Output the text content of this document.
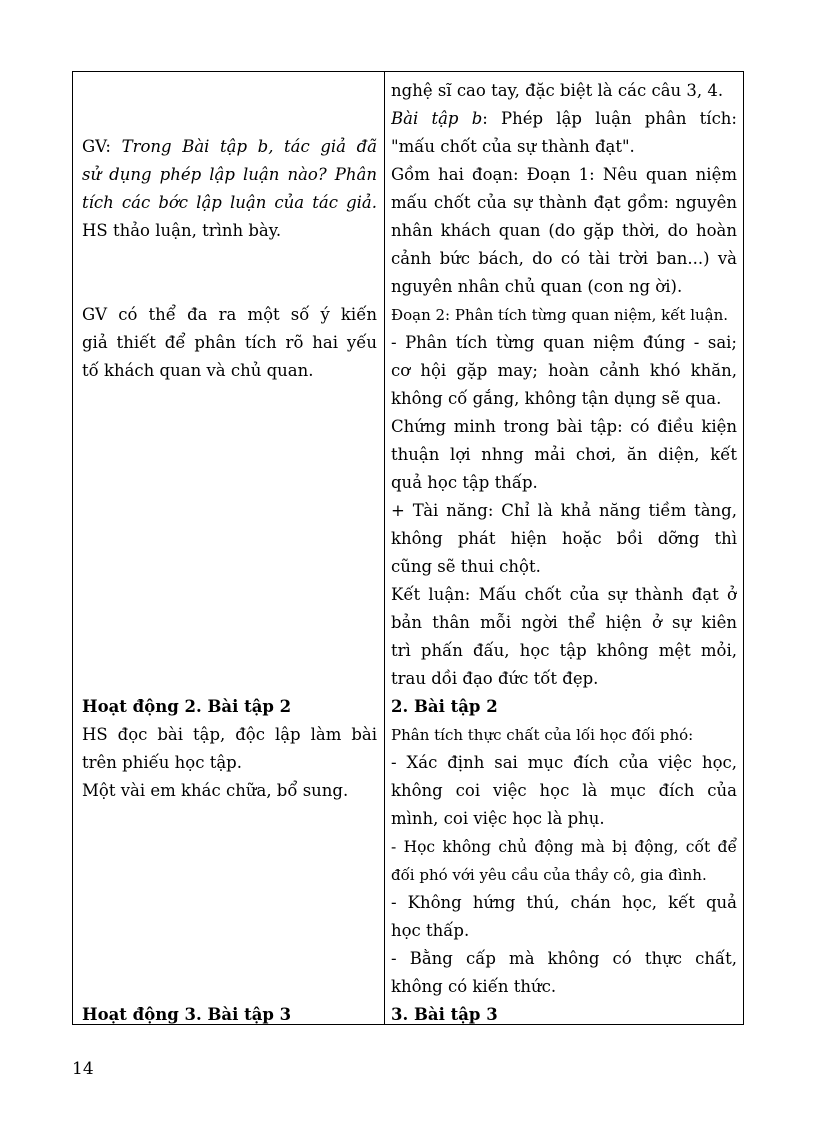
GV: Trong Bài tập b, tác giả đã
sử dụng phép lập luận nào? Phân
tích các bớc lập luận của tác giả.
HS thảo luận, trình bày.
GV có thể đa ra một số ý kiến
giả thiết để phân tích rõ hai yếu
tố khách quan và chủ quan.
Hoạt động 2. Bài tập 2
HS đọc bài tập, độc lập làm bài
trên phiếu học tập.
Một vài em khác chữa, bổ sung.
Hoạt động 3. Bài tập 3
nghệ sĩ cao tay, đặc biệt là các câu 3, 4.
Bài tập b: Phép lập luận phân tích:
"mấu chốt của sự thành đạt".
Gồm hai đoạn: Đoạn 1: Nêu quan niệm
mấu chốt của sự thành đạt gồm: nguyên
nhân khách quan (do gặp thời, do hoàn
cảnh bức bách, do có tài trời ban...) và
nguyên nhân chủ quan (con ng ời).
Đoạn 2: Phân tích từng quan niệm, kết luận.
- Phân tích từng quan niệm đúng - sai;
cơ hội gặp may; hoàn cảnh khó khăn,
không cố gắng, không tận dụng sẽ qua.
Chứng minh trong bài tập: có điều kiện
thuận lợi nhng mải chơi, ăn diện, kết
quả học tập thấp.
+ Tài năng: Chỉ là khả năng tiềm tàng,
không phát hiện hoặc bồi dỡng thì
cũng sẽ thui chột.
Kết luận: Mấu chốt của sự thành đạt ở
bản thân mỗi ngời thể hiện ở sự kiên
trì phấn đấu, học tập không mệt mỏi,
trau dồi đạo đức tốt đẹp.
2. Bài tập 2
Phân tích thực chất của lối học đối phó:
- Xác định sai mục đích của việc học,
không coi việc học là mục đích của
mình, coi việc học là phụ.
- Học không chủ động mà bị động, cốt để
đối phó với yêu cầu của thầy cô, gia đình.
- Không hứng thú, chán học, kết quả
học thấp.
- Bằng cấp mà không có thực chất,
không có kiến thức.
3. Bài tập 3
14
